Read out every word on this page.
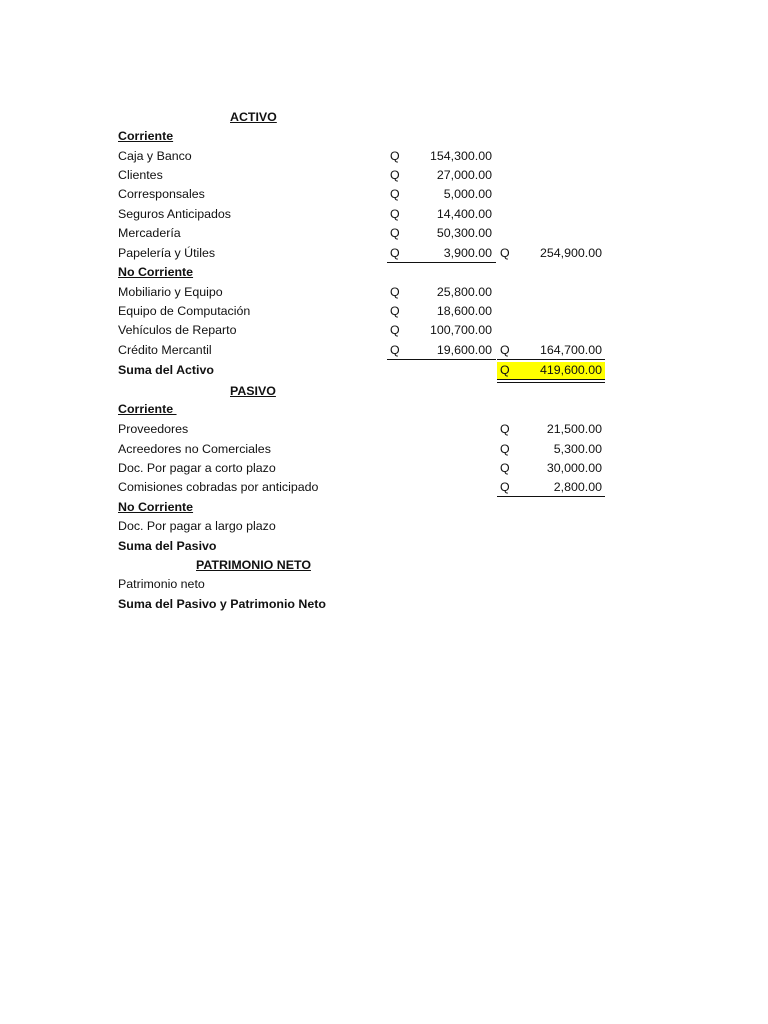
ACTIVO
Corriente
Caja y Banco	Q	154,300.00
Clientes	Q	27,000.00
Corresponsales	Q	5,000.00
Seguros Anticipados	Q	14,400.00
Mercadería	Q	50,300.00
Papelería y Útiles	Q	3,900.00 Q	254,900.00
No Corriente
Mobiliario y Equipo	Q	25,800.00
Equipo de Computación	Q	18,600.00
Vehículos de Reparto	Q	100,700.00
Crédito Mercantil	Q	19,600.00 Q	164,700.00
Suma del Activo	Q	419,600.00
PASIVO
Corriente
Proveedores	Q	21,500.00
Acreedores no Comerciales	Q	5,300.00
Doc. Por pagar a corto plazo	Q	30,000.00
Comisiones cobradas por anticipado	Q	2,800.00
No Corriente
Doc. Por pagar a largo plazo
Suma del Pasivo
PATRIMONIO NETO
Patrimonio neto
Suma del Pasivo y Patrimonio Neto
